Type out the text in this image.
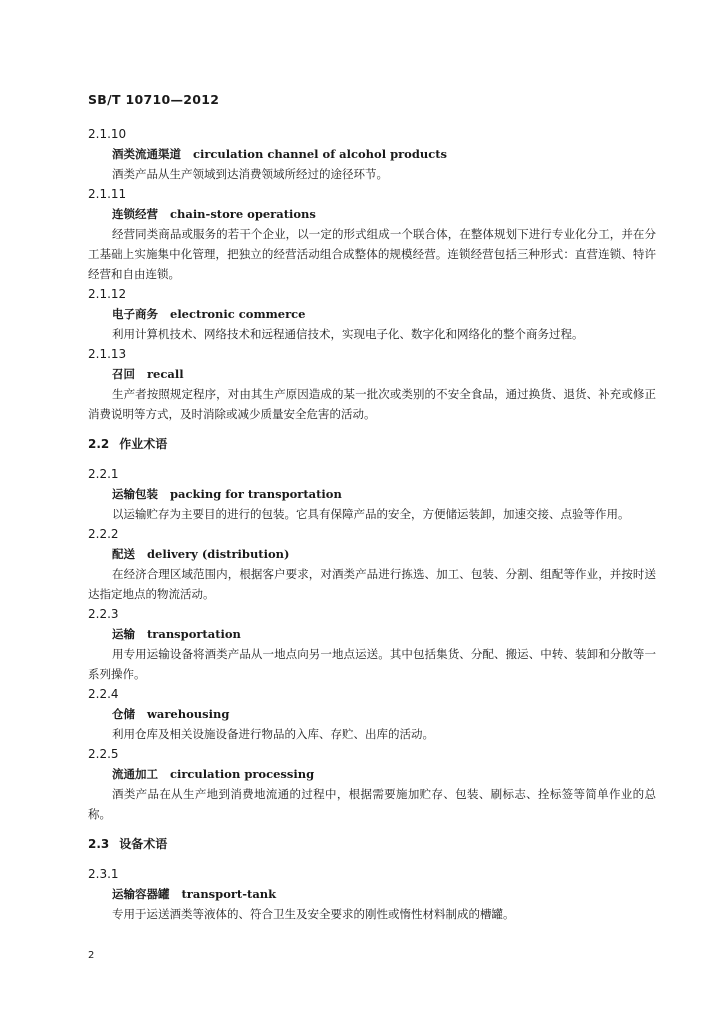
SB/T 10710—2012
2.1.10
酒类流通渠道 circulation channel of alcohol products

酒类产品从生产领域到达消费领域所经过的途径环节。

2.1.11
连锁经营 chain-store operations

经营同类商品或服务的若干个企业，以一定的形式组成一个联合体，在整体规划下进行专业化分工，并在分工基础上实施集中化管理，把独立的经营活动组合成整体的规模经营。连锁经营包括三种形式：直营连锁、特许经营和自由连锁。

2.1.12
电子商务 electronic commerce

利用计算机技术、网络技术和远程通信技术，实现电子化、数字化和网络化的整个商务过程。

2.1.13
召回 recall

生产者按照规定程序，对由其生产原因造成的某一批次或类别的不安全食品，通过换货、退货、补充或修正消费说明等方式，及时消除或减少质量安全危害的活动。

2.2 作业术语
2.2.1
运输包装 packing for transportation

以运输贮存为主要目的进行的包装。它具有保障产品的安全，方便储运装卸，加速交接、点验等作用。

2.2.2
配送 delivery (distribution)

在经济合理区域范围内，根据客户要求，对酒类产品进行拣选、加工、包装、分割、组配等作业，并按时送达指定地点的物流活动。

2.2.3
运输 transportation

用专用运输设备将酒类产品从一地点向另一地点运送。其中包括集货、分配、搬运、中转、装卸和分散等一系列操作。

2.2.4
仓储 warehousing

利用仓库及相关设施设备进行物品的入库、存贮、出库的活动。

2.2.5
流通加工 circulation processing

酒类产品在从生产地到消费地流通的过程中，根据需要施加贮存、包装、刷标志、拴标签等简单作业的总称。

2.3 设备术语
2.3.1
运输容器罐 transport-tank

专用于运送酒类等液体的、符合卫生及安全要求的刚性或惰性材料制成的槽罐。

2
